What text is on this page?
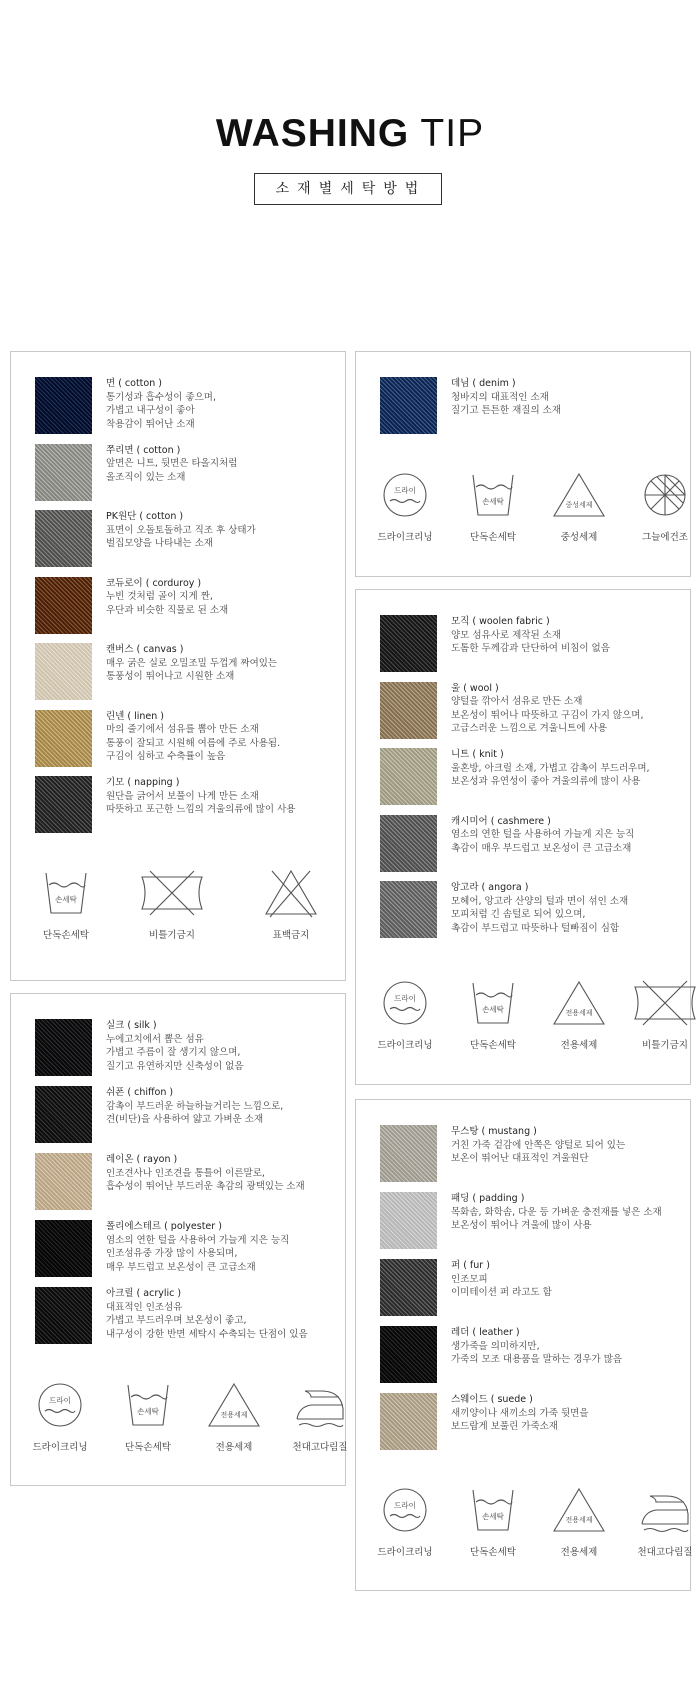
WASHING TIP
소재별세탁방법
면 ( cotton )
통기성과 흡수성이 좋으며,
가볍고 내구성이 좋아
착용감이 뛰어난 소재
쭈리면 ( cotton )
앞면은 니트, 뒷면은 타올지처럼
올조직이 있는 소재
PK원단 ( cotton )
표면이 오돌토돌하고 직조 후 상태가
벌집모양을 나타내는 소재
코듀로이 ( corduroy )
누빈 것처럼 골이 지게 짠,
우단과 비슷한 직물로 된 소재
캔버스 ( canvas )
매우 굵은 실로 오밀조밀 두껍게 짜여있는
통풍성이 뛰어나고 시원한 소재
린넨 ( linen )
마의 줄기에서 섬유를 뽑아 만든 소재
통풍이 잘되고 시원해 여름에 주로 사용됨.
구김이 심하고 수축률이 높음
기모 ( napping )
원단을 긁어서 보풀이 나게 만든 소재
따뜻하고 포근한 느낌의 겨울의류에 많이 사용
손세탁
단독손세탁	비틀기금지	표백금지
데님 ( denim )
청바지의 대표적인 소재
질기고 튼튼한 재질의 소재
드라이
드라이크리닝
손세탁
단독손세탁
중성세제
중성세제	그늘에건조
모직 ( woolen fabric )
양모 섬유사로 제작된 소재
도톰한 두께감과 단단하여 비침이 없음
울 ( wool )
양털을 깎아서 섬유로 만든 소재
보온성이 뛰어나 따뜻하고 구김이 가지 않으며,
고급스러운 느낌으로 겨울니트에 사용
니트 ( knit )
울혼방, 아크릴 소재, 가볍고 감촉이 부드러우며,
보온성과 유연성이 좋아 겨울의류에 많이 사용
캐시미어 ( cashmere )
염소의 연한 털을 사용하여 가늘게 지은 능직
촉감이 매우 부드럽고 보온성이 큰 고급소재
앙고라 ( angora )
모헤어, 앙고라 산양의 털과 면이 섞인 소재
모피처럼 긴 솜털로 되어 있으며,
촉감이 부드럽고 따뜻하나 털빠짐이 심함
드라이
드라이크리닝
손세탁
단독손세탁
전용세제
전용세제	비틀기금지
실크 ( silk )
누에고치에서 뽑은 섬유
가볍고 주름이 잘 생기지 않으며,
질기고 유연하지만 신축성이 없음
쉬폰 ( chiffon )
감촉이 부드러운 하늘하늘거리는 느낌으로,
견(비단)을 사용하여 얇고 가벼운 소재
레이온 ( rayon )
인조견사나 인조견을 통틀어 이른말로,
흡수성이 뛰어난 부드러운 촉감의 광택있는 소재
폴리에스테르 ( polyester )
염소의 연한 털을 사용하여 가늘게 지은 능직
인조섬유중 가장 많이 사용되며,
매우 부드럽고 보온성이 큰 고급소재
아크릴 ( acrylic )
대표적인 인조섬유
가볍고 부드러우며 보온성이 좋고,
내구성이 강한 반면 세탁시 수축되는 단점이 있음
드라이
드라이크리닝
손세탁
단독손세탁
전용세제
전용세제	천대고다림질
무스탕 ( mustang )
거친 가죽 겉감에 안쪽은 양털로 되어 있는
보온이 뛰어난 대표적인 겨울원단
패딩 ( padding )
목화솜, 화학솜, 다운 등 가벼운 충전재를 넣은 소재
보온성이 뛰어나 겨울에 많이 사용
퍼 ( fur )
인조모피
이미테이션 퍼 라고도 함
레더 ( leather )
생가죽을 의미하지만,
가죽의 모조 대용품을 말하는 경우가 많음
스웨이드 ( suede )
새끼양이나 새끼소의 가죽 뒷면을
보드랍게 보풀린 가죽소재
드라이
드라이크리닝
손세탁
단독손세탁
전용세제
전용세제	천대고다림질
